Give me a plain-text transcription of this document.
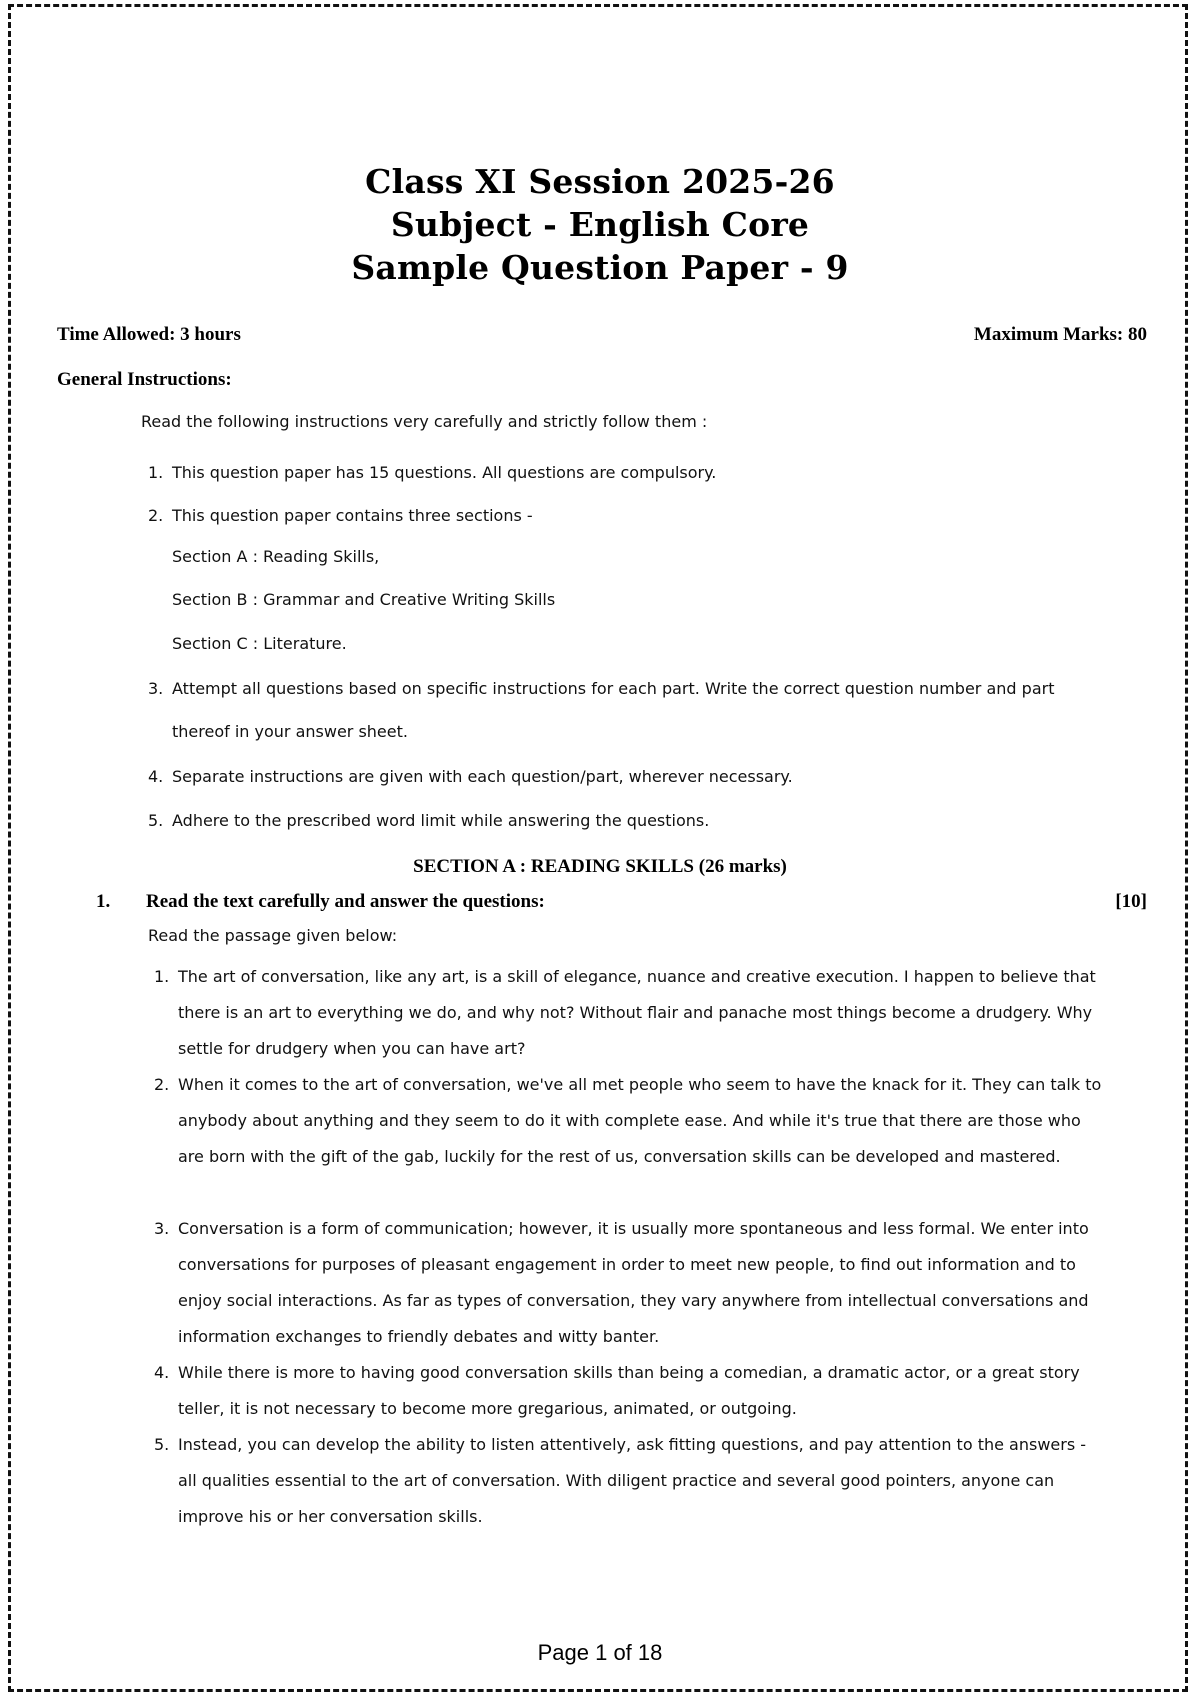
Class XI Session 2025-26
Subject - English Core
Sample Question Paper - 9
Time Allowed: 3 hours	Maximum Marks: 80
General Instructions:
Read the following instructions very carefully and strictly follow them :
1. This question paper has 15 questions. All questions are compulsory.
2. This question paper contains three sections -
Section A : Reading Skills,
Section B : Grammar and Creative Writing Skills
Section C : Literature.
3. Attempt all questions based on specific instructions for each part. Write the correct question number and part thereof in your answer sheet.
4. Separate instructions are given with each question/part, wherever necessary.
5. Adhere to the prescribed word limit while answering the questions.
SECTION A : READING SKILLS (26 marks)
1.	Read the text carefully and answer the questions:	[10]
Read the passage given below:
1. The art of conversation, like any art, is a skill of elegance, nuance and creative execution. I happen to believe that there is an art to everything we do, and why not? Without flair and panache most things become a drudgery. Why settle for drudgery when you can have art?
2. When it comes to the art of conversation, we've all met people who seem to have the knack for it. They can talk to anybody about anything and they seem to do it with complete ease. And while it's true that there are those who are born with the gift of the gab, luckily for the rest of us, conversation skills can be developed and mastered.
3. Conversation is a form of communication; however, it is usually more spontaneous and less formal. We enter into conversations for purposes of pleasant engagement in order to meet new people, to find out information and to enjoy social interactions. As far as types of conversation, they vary anywhere from intellectual conversations and information exchanges to friendly debates and witty banter.
4. While there is more to having good conversation skills than being a comedian, a dramatic actor, or a great story teller, it is not necessary to become more gregarious, animated, or outgoing.
5. Instead, you can develop the ability to listen attentively, ask fitting questions, and pay attention to the answers - all qualities essential to the art of conversation. With diligent practice and several good pointers, anyone can improve his or her conversation skills.
Page 1 of 18
